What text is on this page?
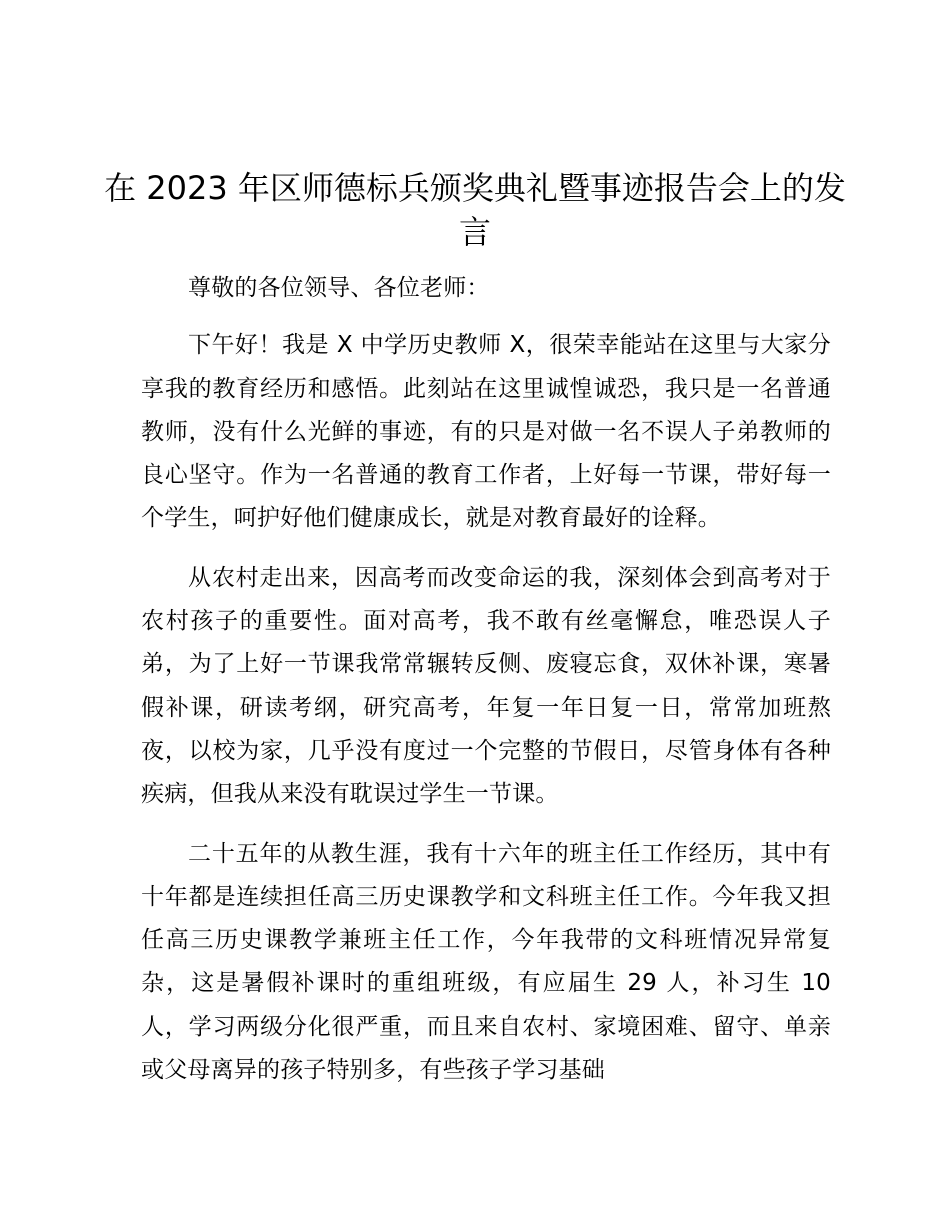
在 2023 年区师德标兵颁奖典礼暨事迹报告会上的发言

尊敬的各位领导、各位老师：

下午好！我是 X 中学历史教师 X，很荣幸能站在这里与大家分享我的教育经历和感悟。此刻站在这里诚惶诚恐，我只是一名普通教师，没有什么光鲜的事迹，有的只是对做一名不误人子弟教师的良心坚守。作为一名普通的教育工作者，上好每一节课，带好每一个学生，呵护好他们健康成长，就是对教育最好的诠释。

从农村走出来，因高考而改变命运的我，深刻体会到高考对于农村孩子的重要性。面对高考，我不敢有丝毫懈怠，唯恐误人子弟，为了上好一节课我常常辗转反侧、废寝忘食，双休补课，寒暑假补课，研读考纲，研究高考，年复一年日复一日，常常加班熬夜，以校为家，几乎没有度过一个完整的节假日，尽管身体有各种疾病，但我从来没有耽误过学生一节课。

二十五年的从教生涯，我有十六年的班主任工作经历，其中有十年都是连续担任高三历史课教学和文科班主任工作。今年我又担任高三历史课教学兼班主任工作，今年我带的文科班情况异常复杂，这是暑假补课时的重组班级，有应届生 29 人，补习生 10 人，学习两级分化很严重，而且来自农村、家境困难、留守、单亲或父母离异的孩子特别多，有些孩子学习基础
